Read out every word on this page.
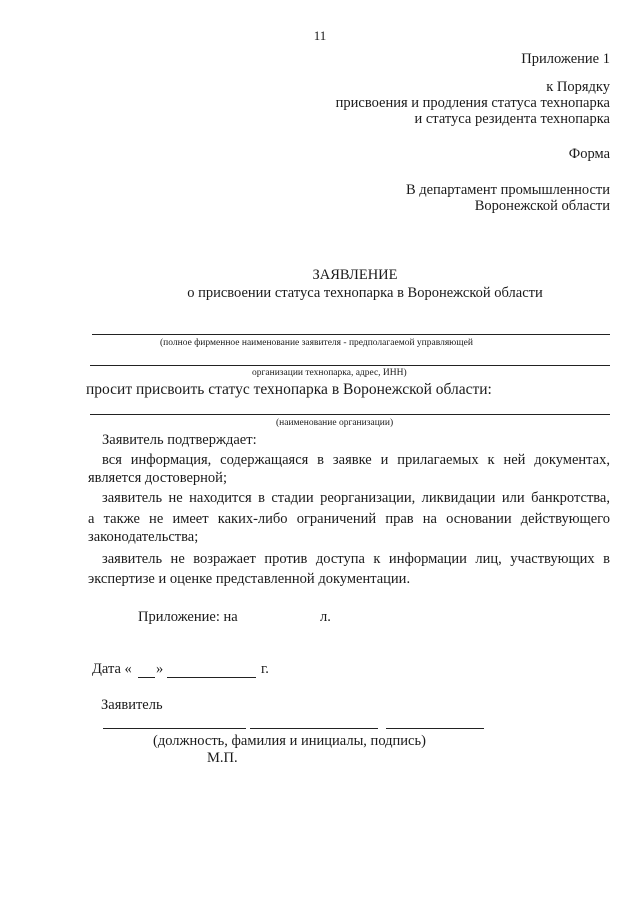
11
Приложение 1
к Порядку
присвоения и продления статуса технопарка
и статуса резидента технопарка
Форма
В департамент промышленности
Воронежской области
ЗАЯВЛЕНИЕ
о присвоении статуса технопарка в Воронежской области
(полное фирменное наименование заявителя - предполагаемой управляющей
организации технопарка, адрес, ИНН)
просит присвоить статус технопарка в Воронежской области:
(наименование организации)
Заявитель подтверждает:
вся информация, содержащаяся в заявке и прилагаемых к ней документах,
является достоверной;
заявитель не находится в стадии реорганизации, ликвидации или банкротства,
а также не имеет каких-либо ограничений прав на основании действующего
законодательства;
заявитель не возражает против доступа к информации лиц, участвующих в
экспертизе и оценке представленной документации.
Приложение: на	л.
Дата « »	г.
Заявитель
(должность, фамилия и инициалы, подпись)
М.П.
